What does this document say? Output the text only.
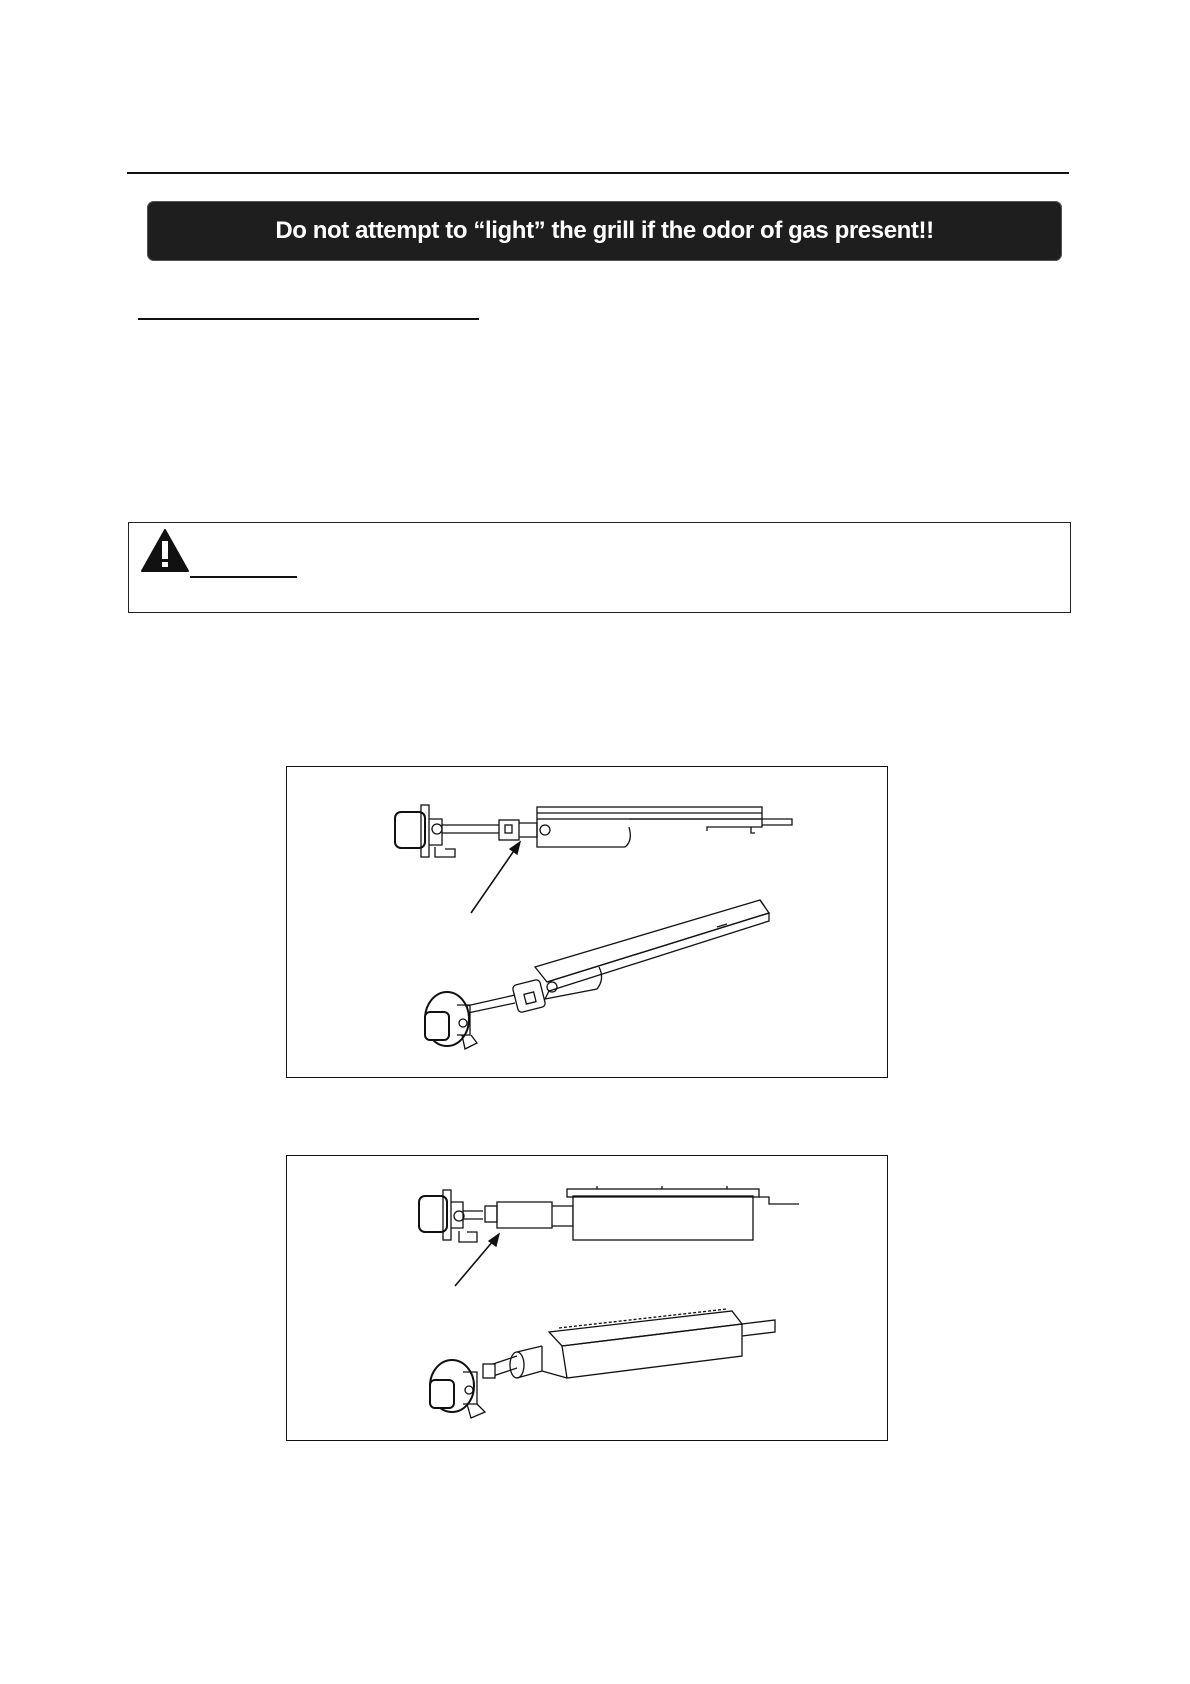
Do not attempt to “light” the grill if the odor of gas present!!
